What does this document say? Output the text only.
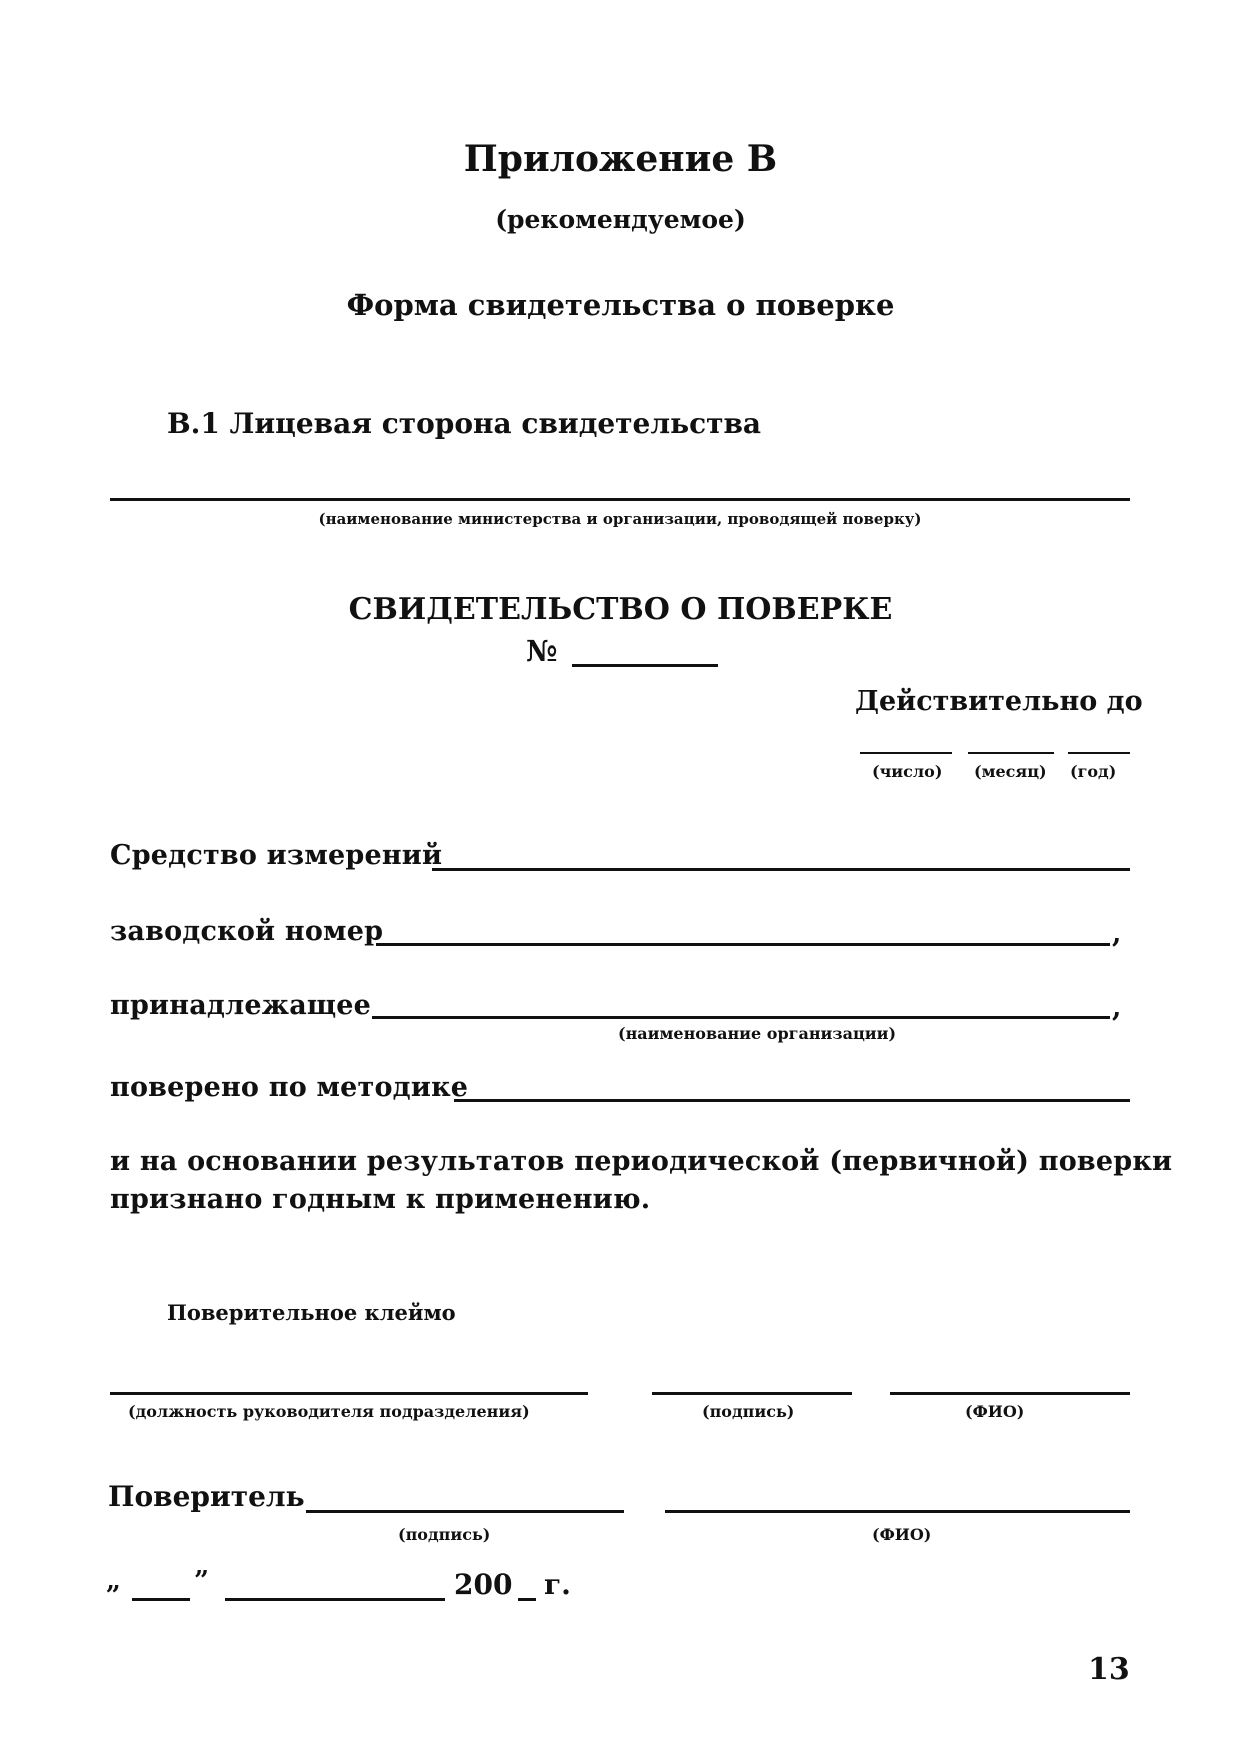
Приложение В
(рекомендуемое)
Форма свидетельства о поверке
В.1 Лицевая сторона свидетельства
(наименование министерства и организации, проводящей поверку)
СВИДЕТЕЛЬСТВО О ПОВЕРКЕ
№
Действительно до
(число) (месяц) (год)
Средство измерений
заводской номер	,
принадлежащее	,
(наименование организации)
поверено по методике
и на основании результатов периодической (первичной) поверки
признано годным к применению.
Поверительное клеймо
(должность руководителя подразделения)	(подпись)	(ФИО)
Поверитель
(подпись)	(ФИО)
„	”	200 г.
13
